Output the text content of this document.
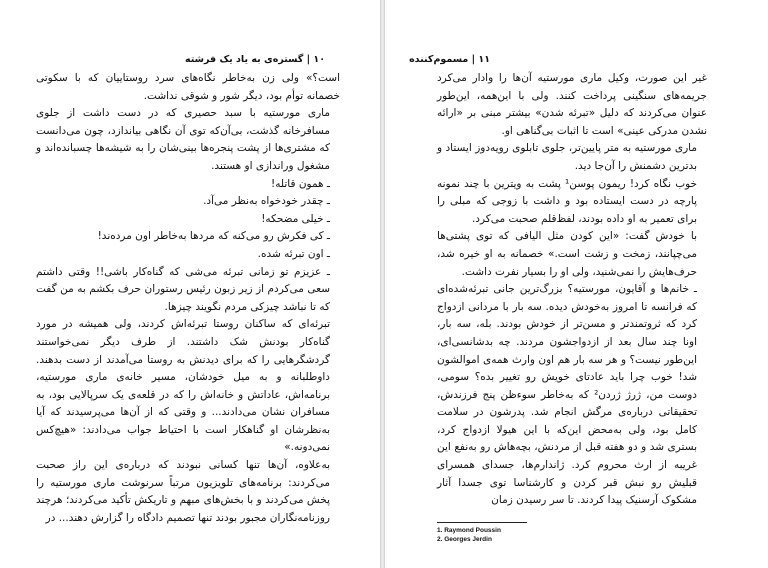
۱۰ | گستره‌ی به یاد یک فرشته

است؟» ولی زن به‌خاطر نگاه‌های سرد روستاییان که با سکوتی خصمانه توأم بود، دیگر شور و شوقی نداشت.

ماری مورستیه با سبد حصیری که در دست داشت از جلوی مسافرخانه گذشت، بی‌آن‌که توی آن نگاهی بیاندازد، چون می‌دانست که مشتری‌ها از پشت پنجره‌ها بینی‌شان را به شیشه‌ها چسبانده‌اند و مشغول وراندازی او هستند.

ـ همون قاتله!

ـ چقدر خودخواه به‌نظر می‌آد.

ـ خیلی مضحکه!

ـ کی فکرش رو می‌کنه که مردها به‌خاطر اون مرده‌ند!

ـ اون تبرئه شده.

ـ عزیزم تو زمانی تبرئه می‌شی که گناه‌کار باشی!! وقتی داشتم سعی می‌کردم از زیر زبون رئیس رستوران حرف بکشم به من گفت که تا نباشد چیزکی مردم نگویند چیزها.

تبرئه‌ای که ساکنان روستا تبرئه‌اش کردند، ولی همیشه در مورد گناه‌کار بودنش شک داشتند. از طرف دیگر نمی‌خواستند گردشگرهایی را که برای دیدنش به روستا می‌آمدند از دست بدهند. داوطلبانه و به میل خودشان، مسیر خانه‌ی ماری مورستیه، برنامه‌اش، عاداتش و خانه‌اش را که در قلعه‌ی یک سرپالایی بود، به مسافران نشان می‌دادند... و وقتی که از آن‌ها می‌پرسیدند که آیا به‌نظرشان او گناهکار است با احتیاط جواب می‌دادند: «هیچ‌کس نمی‌دونه.»

به‌علاوه، آن‌ها تنها کسانی نبودند که درباره‌ی این راز صحبت می‌کردند: برنامه‌های تلویزیون مرتباً سرنوشت ماری مورستیه را پخش می‌کردند و با بخش‌های مبهم و تاریکش تأکید می‌کردند؛ هرچند روزنامه‌نگاران مجبور بودند تنها تصمیم دادگاه را گزارش دهند... در

۱۱ | مسموم‌کننده

غیر این صورت، وکیل ماری مورستیه آن‌ها را وادار می‌کرد جریمه‌های سنگینی پرداخت کنند. ولی با این‌همه، این‌طور عنوان می‌کردند که دلیل «تبرئه شدن» بیشتر مبنی بر «ارائه نشدن مدرکی عینی» است تا اثبات بی‌گناهی او.

ماری مورستیه به متر پایین‌تر، جلوی تابلوی رویه‌دوز ایستاد و بدترین دشمنش را آن‌جا دید.

خوب نگاه کرد! ریمون پوسن¹ پشت به ویترین با چند نمونه پارچه در دست ایستاده بود و داشت با زوجی که مبلی را برای تعمیر به او داده بودند، لفظ‌قلم صحبت می‌کرد.

با خودش گفت: «این کودن مثل الیافی که توی پشتی‌ها می‌چپانند، زمخت و زشت است.» خصمانه به او خیره شد، حرف‌هایش را نمی‌شنید، ولی او را بسیار نفرت داشت.

ـ خانم‌ها و آقایون، مورستیه؟ بزرگ‌ترین جانی تبرئه‌شده‌ای که فرانسه تا امروز به‌خودش دیده. سه بار با مردانی ازدواج کرد که ثروتمندتر و مسن‌تر از خودش بودند. بله، سه بار، اونا چند سال بعد از ازدواجشون مردند. چه بدشانسی‌ای، این‌طور نیست؟ و هر سه بار هم اون وارث همه‌ی اموالشون شد! خوب چرا باید عادتای خویش رو تغییر بده؟ سومی، دوست من، ژرژ ژردن² که به‌خاطر سوءظن پنج فرزندش، تحقیقاتی درباره‌ی مرگش انجام شد. پدرشون در سلامت کامل بود، ولی به‌محض این‌که با این هیولا ازدواج کرد، بستری شد و دو هفته قبل از مردنش، بچه‌هاش رو به‌نفع این غریبه از ارث محروم کرد. ژاندارم‌ها، جسدای همسرای قبلیش رو نبش قبر کردن و کارشناسا توی جسدا آثار مشکوک آرسنیک پیدا کردند. تا سر رسیدن زمان

1. Raymond Poussin
2. Georges Jerdin
